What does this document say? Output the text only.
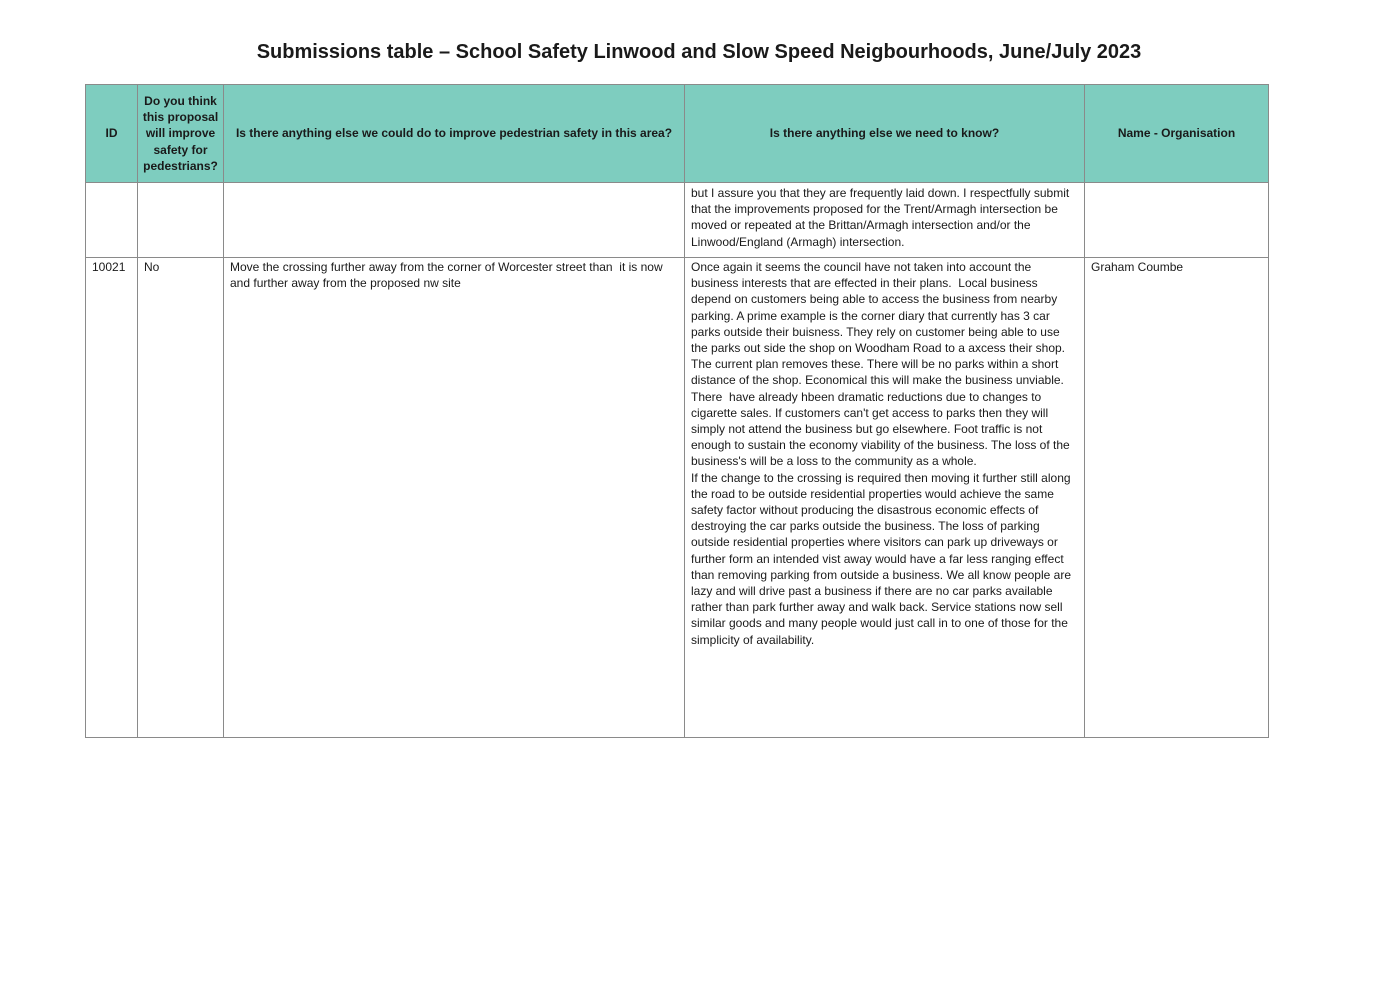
Submissions table – School Safety Linwood and Slow Speed Neigbourhoods, June/July 2023
ID	Do you think this proposal will improve safety for pedestrians?	Is there anything else we could do to improve pedestrian safety in this area?	Is there anything else we need to know?	Name - Organisation
			but I assure you that they are frequently laid down. I respectfully submit that the improvements proposed for the Trent/Armagh intersection be moved or repeated at the Brittan/Armagh intersection and/or the Linwood/England (Armagh) intersection.	
10021	No	Move the crossing further away from the corner of Worcester street than  it is now and further away from the proposed nw site	Once again it seems the council have not taken into account the business interests that are effected in their plans.  Local business depend on customers being able to access the business from nearby parking. A prime example is the corner diary that currently has 3 car parks outside their buisness. They rely on customer being able to use the parks out side the shop on Woodham Road to a axcess their shop. The current plan removes these. There will be no parks within a short distance of the shop. Economical this will make the business unviable. There  have already hbeen dramatic reductions due to changes to cigarette sales. If customers can't get access to parks then they will simply not attend the business but go elsewhere. Foot traffic is not enough to sustain the economy viability of the business. The loss of the business's will be a loss to the community as a whole.
If the change to the crossing is required then moving it further still along the road to be outside residential properties would achieve the same safety factor without producing the disastrous economic effects of destroying the car parks outside the business. The loss of parking outside residential properties where visitors can park up driveways or further form an intended vist away would have a far less ranging effect than removing parking from outside a business. We all know people are lazy and will drive past a business if there are no car parks available rather than park further away and walk back. Service stations now sell similar goods and many people would just call in to one of those for the simplicity of availability.	Graham Coumbe
